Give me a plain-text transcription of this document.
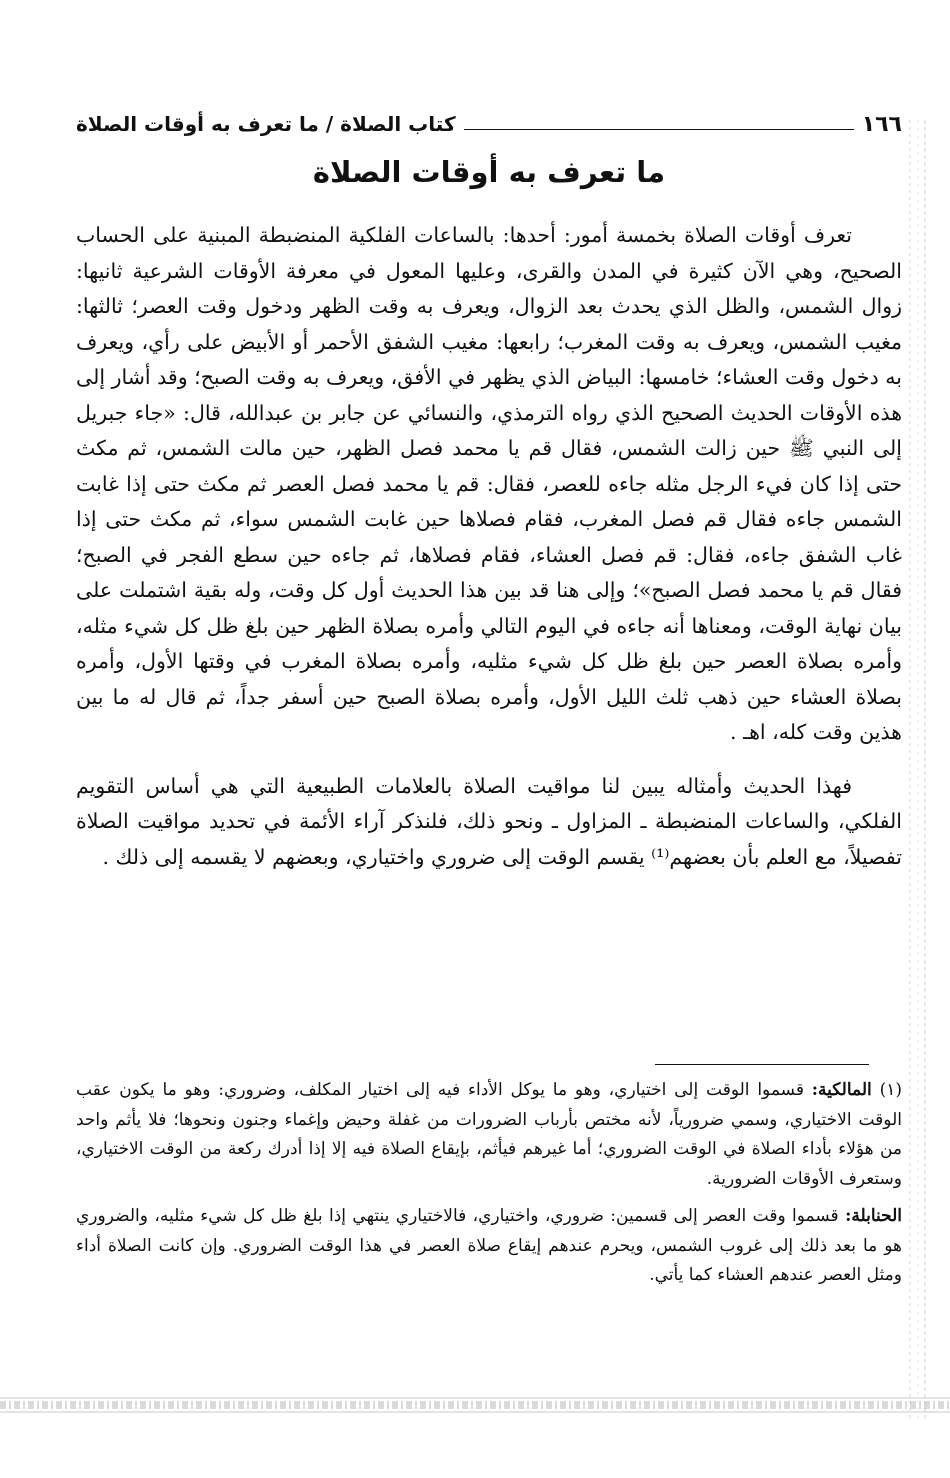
١٦٦
كتاب الصلاة / ما تعرف به أوقات الصلاة
ما تعرف به أوقات الصلاة

تعرف أوقات الصلاة بخمسة أمور: أحدها: بالساعات الفلكية المنضبطة المبنية على الحساب الصحيح، وهي الآن كثيرة في المدن والقرى، وعليها المعول في معرفة الأوقات الشرعية ثانيها: زوال الشمس، والظل الذي يحدث بعد الزوال، ويعرف به وقت الظهر ودخول وقت العصر؛ ثالثها: مغيب الشمس، ويعرف به وقت المغرب؛ رابعها: مغيب الشفق الأحمر أو الأبيض على رأي، ويعرف به دخول وقت العشاء؛ خامسها: البياض الذي يظهر في الأفق، ويعرف به وقت الصبح؛ وقد أشار إلى هذه الأوقات الحديث الصحيح الذي رواه الترمذي، والنسائي عن جابر بن عبدالله، قال: «جاء جبريل إلى النبي ﷺ حين زالت الشمس، فقال قم يا محمد فصل الظهر، حين مالت الشمس، ثم مكث حتى إذا كان فيء الرجل مثله جاءه للعصر، فقال: قم يا محمد فصل العصر ثم مكث حتى إذا غابت الشمس جاءه فقال قم فصل المغرب، فقام فصلاها حين غابت الشمس سواء، ثم مكث حتى إذا غاب الشفق جاءه، فقال: قم فصل العشاء، فقام فصلاها، ثم جاءه حين سطع الفجر في الصبح؛ فقال قم يا محمد فصل الصبح»؛ وإلى هنا قد بين هذا الحديث أول كل وقت، وله بقية اشتملت على بيان نهاية الوقت، ومعناها أنه جاءه في اليوم التالي وأمره بصلاة الظهر حين بلغ ظل كل شيء مثله، وأمره بصلاة العصر حين بلغ ظل كل شيء مثليه، وأمره بصلاة المغرب في وقتها الأول، وأمره بصلاة العشاء حين ذهب ثلث الليل الأول، وأمره بصلاة الصبح حين أسفر جداً، ثم قال له ما بين هذين وقت كله، اهـ .

فهذا الحديث وأمثاله يبين لنا مواقيت الصلاة بالعلامات الطبيعية التي هي أساس التقويم الفلكي، والساعات المنضبطة ـ المزاول ـ ونحو ذلك، فلنذكر آراء الأئمة في تحديد مواقيت الصلاة تفصيلاً، مع العلم بأن بعضهم⁽¹⁾ يقسم الوقت إلى ضروري واختياري، وبعضهم لا يقسمه إلى ذلك .

(١) المالكية: قسموا الوقت إلى اختياري، وهو ما يوكل الأداء فيه إلى اختيار المكلف، وضروري: وهو ما يكون عقب الوقت الاختياري، وسمي ضرورياً، لأنه مختص بأرباب الضرورات من غفلة وحيض وإغماء وجنون ونحوها؛ فلا يأثم واحد من هؤلاء بأداء الصلاة في الوقت الضروري؛ أما غيرهم فيأثم، بإيقاع الصلاة فيه إلا إذا أدرك ركعة من الوقت الاختياري، وستعرف الأوقات الضرورية.

الحنابلة: قسموا وقت العصر إلى قسمين: ضروري، واختياري، فالاختياري ينتهي إذا بلغ ظل كل شيء مثليه، والضروري هو ما بعد ذلك إلى غروب الشمس، ويحرم عندهم إيقاع صلاة العصر في هذا الوقت الضروري. وإن كانت الصلاة أداء ومثل العصر عندهم العشاء كما يأتي.
